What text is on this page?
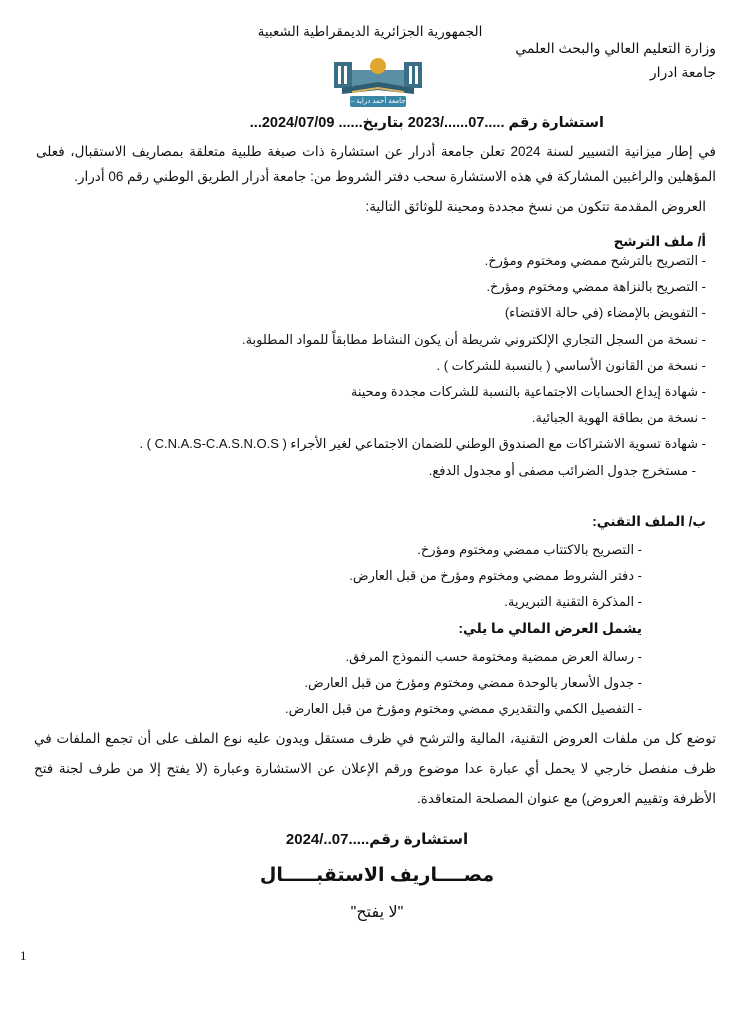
الجمهورية الجزائرية الديمقراطية الشعبية
وزارة التعليم العالي والبحث العلمي
جامعة ادرار
جامعة أحمد دراية – أدرار
استشارة رقم .....07....../2023 بتاريخ...... 2024/07/09...
في إطار ميزانية التسيير لسنة 2024 تعلن جامعة أدرار عن استشارة ذات صبغة طلبية متعلقة بمصاريف الاستقبال، فعلى المؤهلين والراغبين المشاركة في هذه الاستشارة سحب دفتر الشروط من: جامعة أدرار الطريق الوطني رقم 06 أدرار.
العروض المقدمة تتكون من نسخ مجددة ومحينة للوثائق التالية:
أ/ ملف الترشح
- التصريح بالترشح ممضي ومختوم ومؤرخ.
- التصريح بالنزاهة ممضي ومختوم ومؤرخ.
- التفويض بالإمضاء (في حالة الاقتضاء)
- نسخة من السجل التجاري الإلكتروني شريطة أن يكون النشاط مطابقاً للمواد المطلوبة.
- نسخة من القانون الأساسي ( بالنسبة للشركات ) .
- شهادة إيداع الحسابات الاجتماعية بالنسبة للشركات مجددة ومحينة
- نسخة من بطاقة الهوية الجبائية.
- شهادة تسوية الاشتراكات مع الصندوق الوطني للضمان الاجتماعي لغير الأجراء ( C.N.A.S-C.A.S.N.O.S ) .
- مستخرج جدول الضرائب مصفى أو مجدول الدفع.
ب/ الملف التقني:
- التصريح بالاكتتاب ممضي ومختوم ومؤرخ.
- دفتر الشروط ممضي ومختوم ومؤرخ من قبل العارض.
- المذكرة التقنية التبريرية.
يشمل العرض المالي ما يلي:
- رسالة العرض ممضية ومختومة حسب النموذج المرفق.
- جدول الأسعار بالوحدة ممضي ومختوم ومؤرخ من قبل العارض.
- التفصيل الكمي والتقديري ممضي ومختوم ومؤرخ من قبل العارض.
توضع كل من ملفات العروض التقنية، المالية والترشح في ظرف مستقل ويدون عليه نوع الملف على أن تجمع الملفات في ظرف منفصل خارجي لا يحمل أي عبارة عدا موضوع ورقم الإعلان عن الاستشارة وعبارة (لا يفتح إلا من طرف لجنة فتح الأظرفة وتقييم العروض) مع عنوان المصلحة المتعاقدة.
استشارة رقم.....07../2024
مصــــاريف الاستقبـــــال
"لا يفتح"
1
